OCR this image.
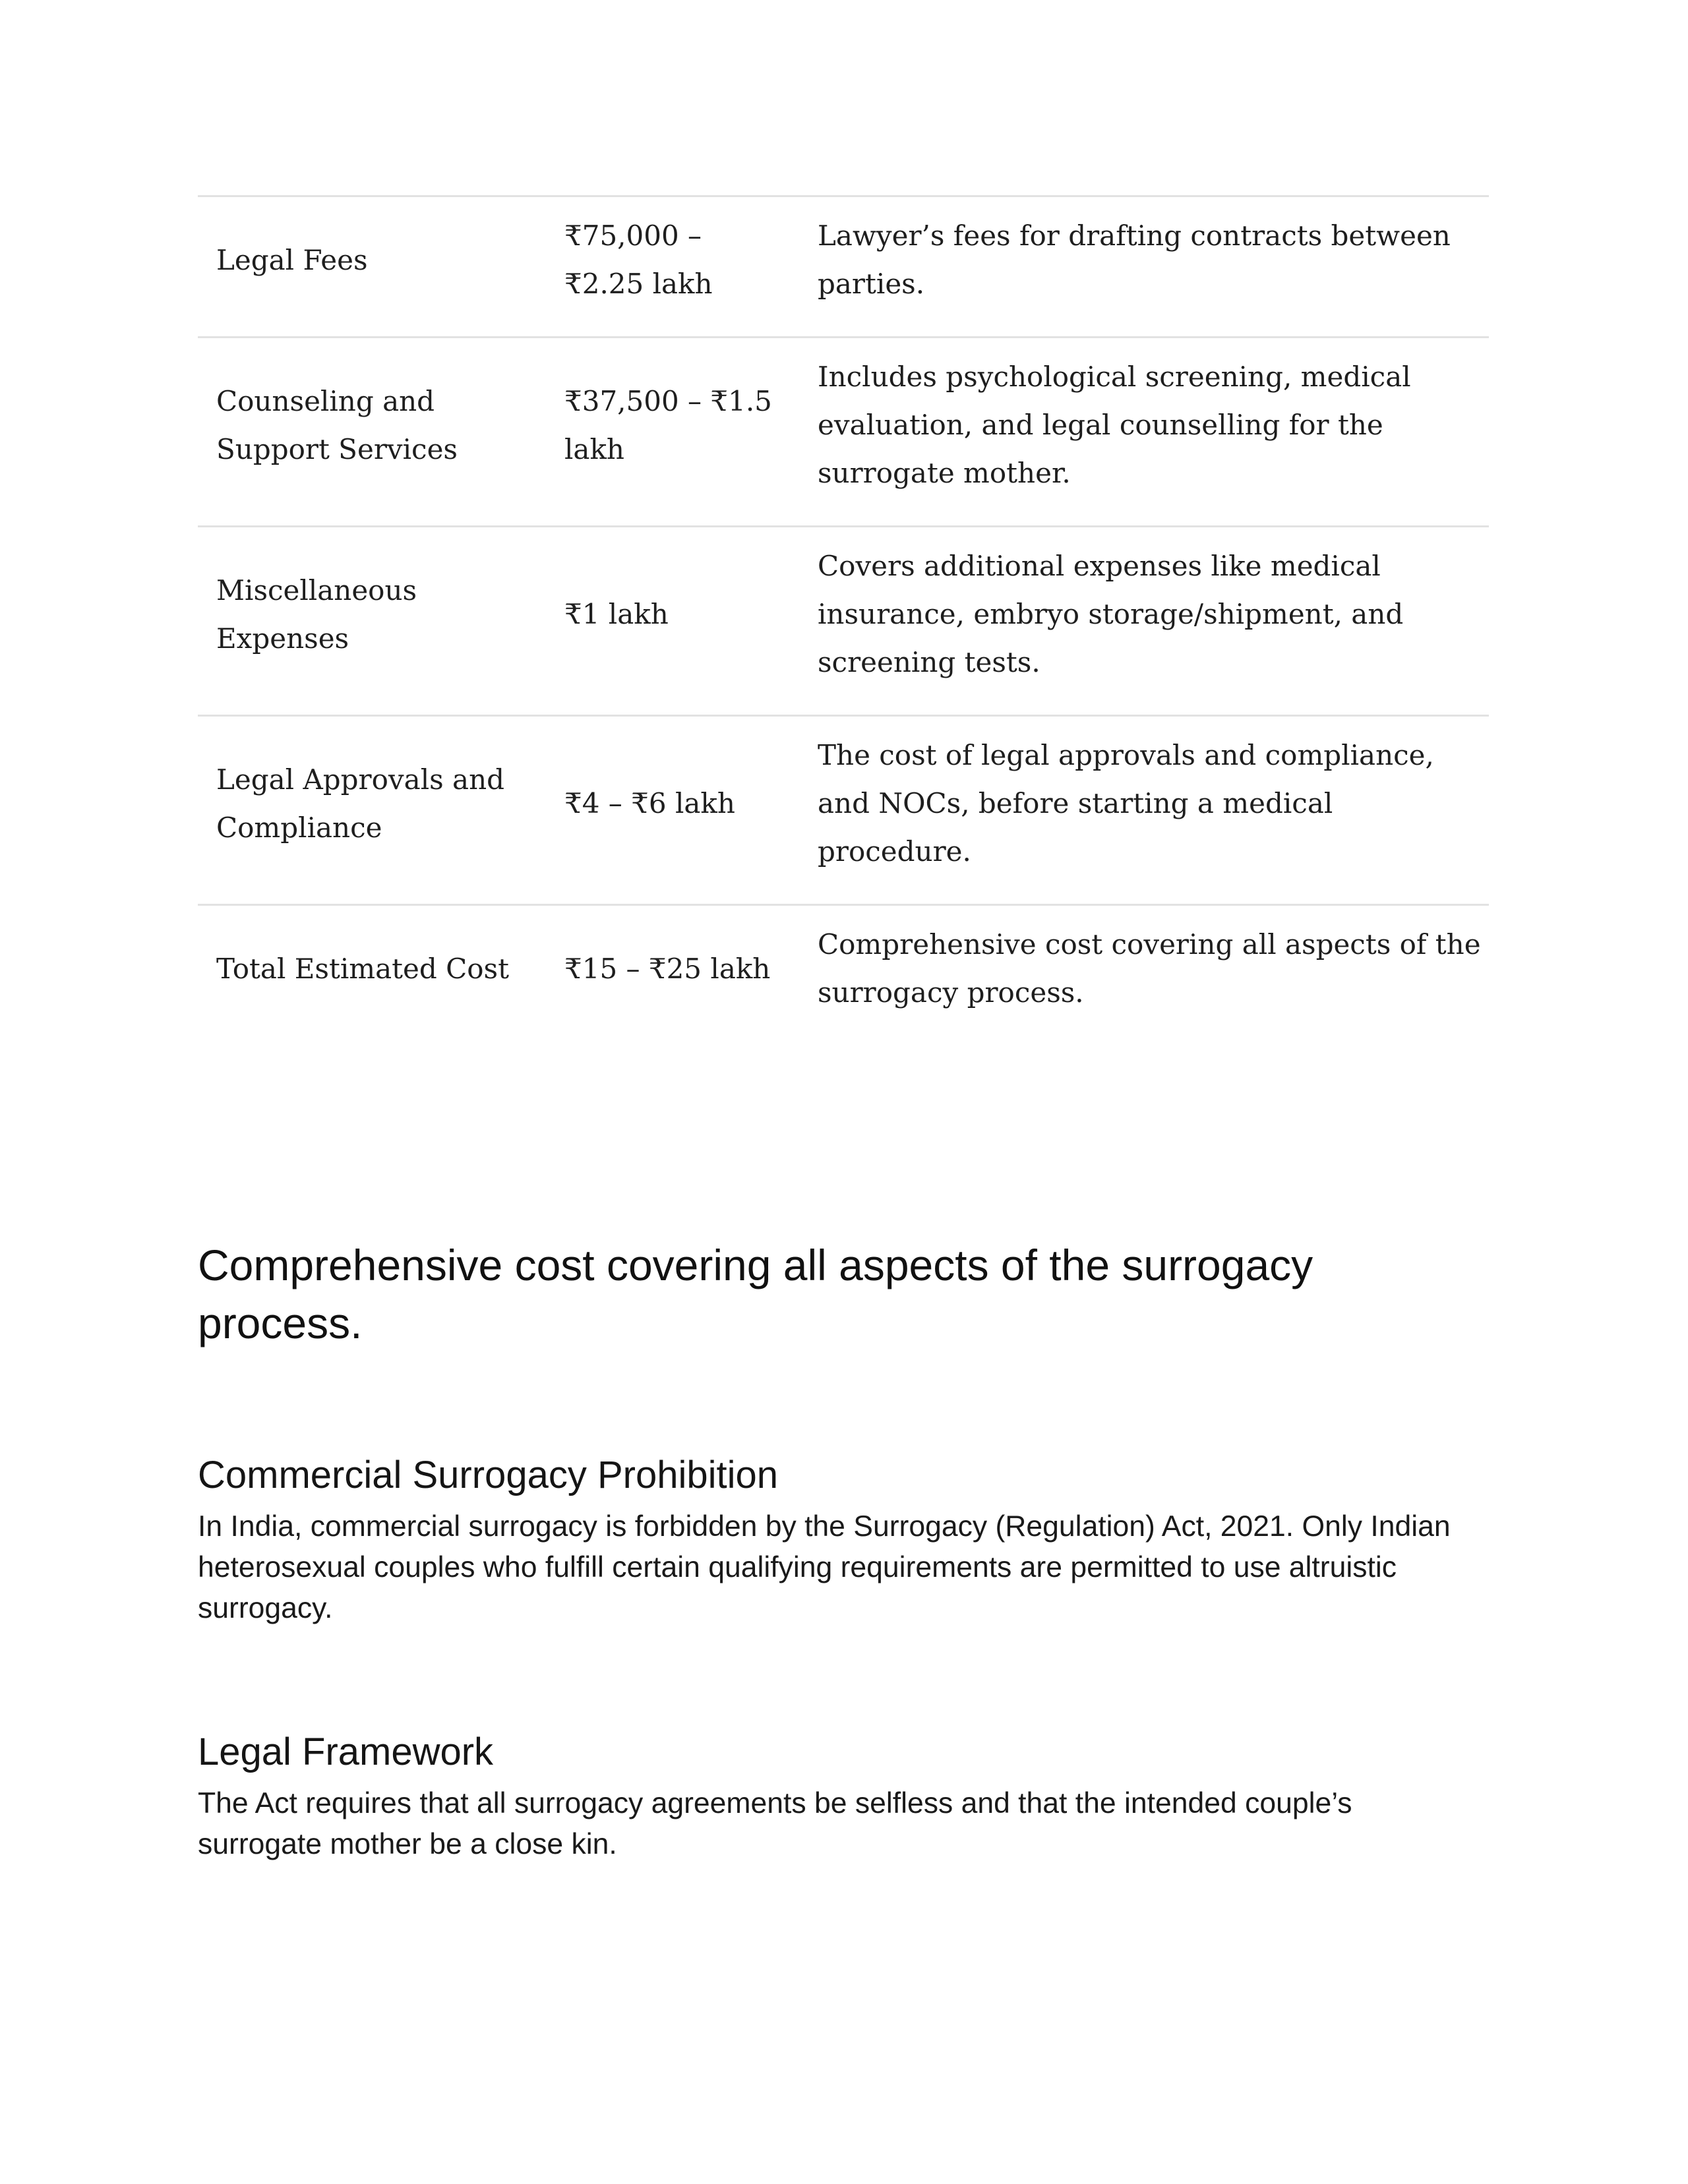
Legal Fees	₹75,000 – ₹2.25 lakh	Lawyer’s fees for drafting contracts between parties.
Counseling and Support Services	₹37,500 – ₹1.5 lakh	Includes psychological screening, medical evaluation, and legal counselling for the surrogate mother.
Miscellaneous Expenses	₹1 lakh	Covers additional expenses like medical insurance, embryo storage/shipment, and screening tests.
Legal Approvals and Compliance	₹4 – ₹6 lakh	The cost of legal approvals and compliance, and NOCs, before starting a medical procedure.
Total Estimated Cost	₹15 – ₹25 lakh	Comprehensive cost covering all aspects of the surrogacy process.
Comprehensive cost covering all aspects of the surrogacy process.
Commercial Surrogacy Prohibition

In India, commercial surrogacy is forbidden by the Surrogacy (Regulation) Act, 2021. Only Indian heterosexual couples who fulfill certain qualifying requirements are permitted to use altruistic surrogacy.

Legal Framework

The Act requires that all surrogacy agreements be selfless and that the intended couple’s surrogate mother be a close kin.
